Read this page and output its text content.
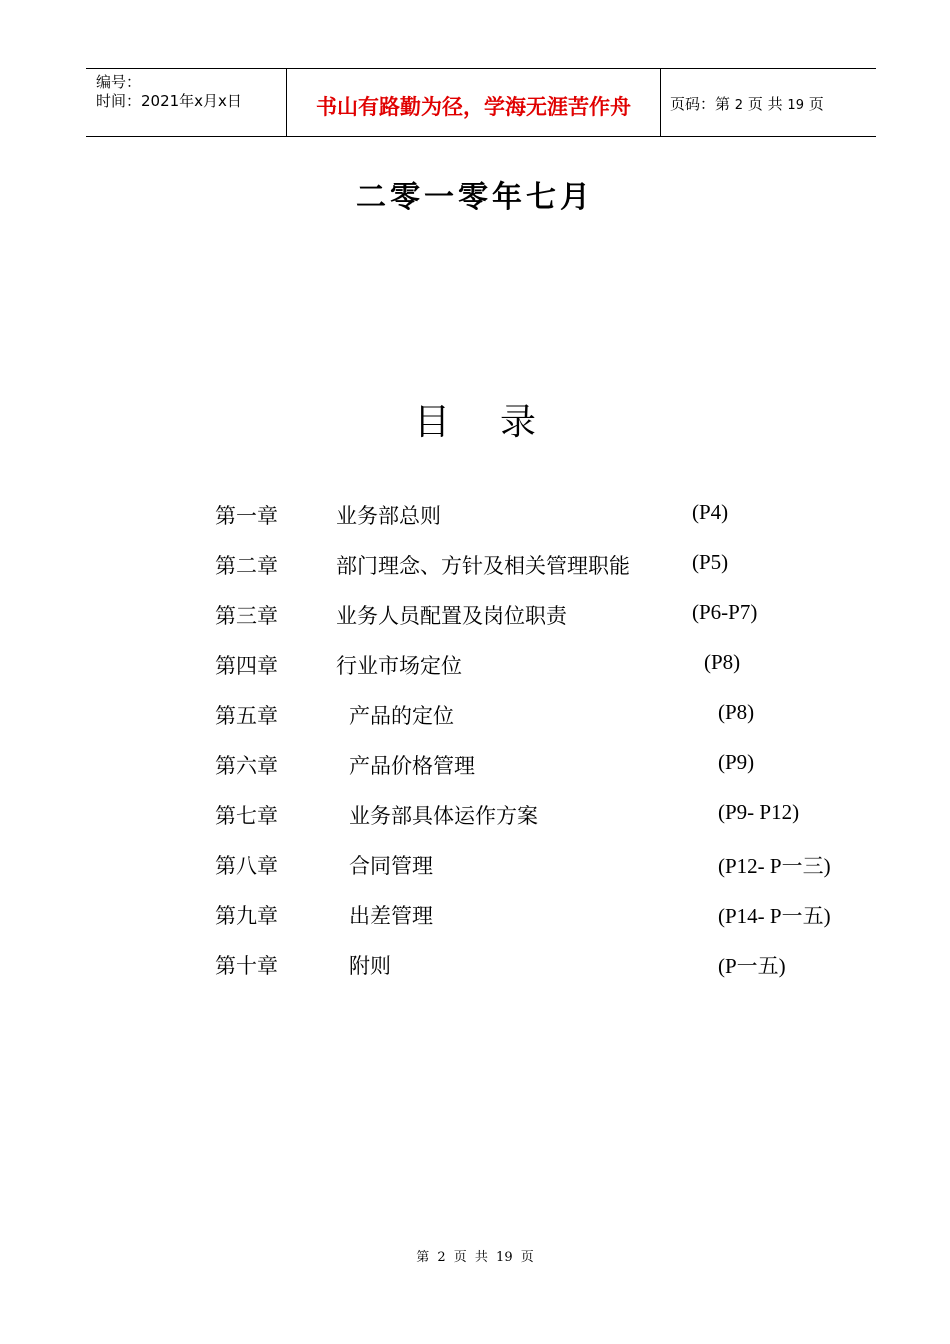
编号：
时间：2021年x月x日	书山有路勤为径，学海无涯苦作舟	页码：第 2 页 共 19 页
二零一零年七月
目 录
第一章	业务部总则	(P4)
第二章	部门理念、方针及相关管理职能	(P5)
第三章	业务人员配置及岗位职责	(P6-P7)
第四章	行业市场定位	(P8)
第五章	产品的定位	(P8)
第六章	产品价格管理	(P9)
第七章	业务部具体运作方案	(P9- P12)
第八章	合同管理	(P12- P一三)
第九章	出差管理	(P14- P一五)
第十章	附则	(P一五)
第 2 页 共 19 页
